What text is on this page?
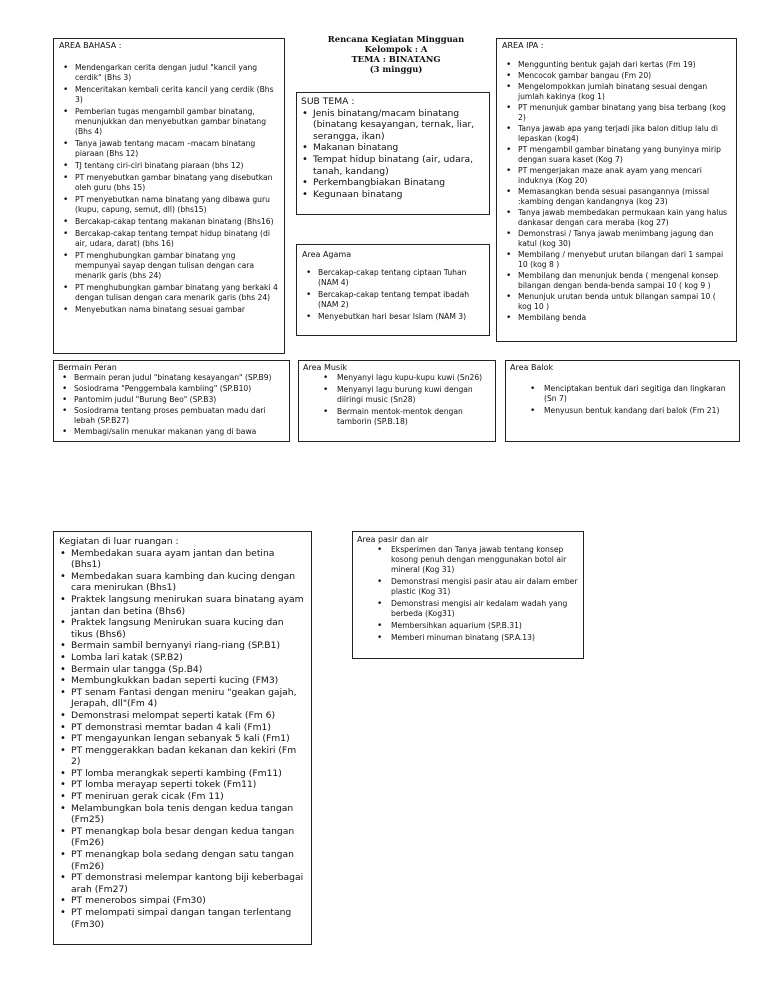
Rencana Kegiatan Mingguan
Kelompok : A
TEMA : BINATANG
(3 minggu)
AREA BAHASA :
• Mendengarkan cerita dengan judul "kancil yang cerdik" (Bhs 3)
• Menceritakan kembali cerita kancil yang cerdik (Bhs 3)
• Pemberian tugas mengambil gambar binatang, menunjukkan dan menyebutkan gambar binatang (Bhs 4)
• Tanya jawab tentang macam –macam binatang piaraan (Bhs 12)
• TJ tentang ciri-ciri binatang piaraan (bhs 12)
• PT menyebutkan gambar binatang yang disebutkan oleh guru (bhs 15)
• PT menyebutkan nama binatang yang dibawa guru (kupu, capung, semut, dll) (bhs15)
• Bercakap-cakap tentang makanan binatang (Bhs16)
• Bercakap-cakap tentang tempat hidup binatang (di air, udara, darat) (bhs 16)
• PT menghubungkan gambar binatang yng mempunyai sayap dengan tulisan dengan cara menarik garis (bhs 24)
• PT menghubungkan gambar binatang yang berkaki 4 dengan tulisan dengan cara menarik garis (bhs 24)
• Menyebutkan nama binatang sesuai gambar
SUB TEMA :
• Jenis binatang/macam binatang (binatang kesayangan, ternak, liar, serangga, ikan)
• Makanan binatang
• Tempat hidup binatang (air, udara, tanah, kandang)
• Perkembangbiakan Binatang
• Kegunaan binatang
Area Agama
• Bercakap-cakap tentang ciptaan Tuhan (NAM 4)
• Bercakap-cakap tentang tempat ibadah (NAM 2)
• Menyebutkan hari besar Islam (NAM 3)
AREA IPA :
• Menggunting bentuk gajah dari kertas (Fm 19)
• Mencocok gambar bangau (Fm 20)
• Mengelompokkan jumlah binatang sesuai dengan jumlah kakinya (kog 1)
• PT menunjuk gambar binatang yang bisa terbang (kog 2)
• Tanya jawab apa yang terjadi jika balon ditiup lalu di lepaskan (kog4)
• PT mengambil gambar binatang yang bunyinya mirip dengan suara kaset (Kog 7)
• PT mengerjakan maze anak ayam yang mencari induknya (Kog 20)
• Memasangkan benda sesuai pasangannya (missal :kambing dengan kandangnya (kog 23)
• Tanya jawab membedakan permukaan kain yang halus dankasar dengan cara meraba (kog 27)
• Demonstrasi / Tanya jawab menimbang jagung dan katul (kog 30)
• Membilang / menyebut urutan bilangan dari 1 sampai 10 (kog 8 )
• Membilang dan menunjuk benda ( mengenal konsep bilangan dengan benda-benda sampai 10 ( kog 9 )
• Menunjuk urutan benda untuk bilangan sampai 10 ( kog 10 )
• Membilang benda
Bermain Peran
• Bermain peran judul "binatang kesayangan" (SP.B9)
• Sosiodrama "Penggembala kambiing" (SP.B10)
• Pantomim judul "Burung Beo" (SP.B3)
• Sosiodrama tentang proses pembuatan madu dari lebah (SP.B27)
• Membagi/salin menukar makanan yang di bawa
Area Musik
• Menyanyi lagu kupu-kupu kuwi (Sn26)
• Menyanyi lagu burung kuwi dengan diiringi music (Sn28)
• Bermain mentok-mentok dengan tamborin (SP.B.18)
Area Balok
• Menciptakan bentuk dari segitiga dan lingkaran (Sn 7)
• Menyusun bentuk kandang dari balok (Fm 21)
Kegiatan di luar ruangan :
• Membedakan suara ayam jantan dan betina (Bhs1)
• Membedakan suara kambing dan kucing dengan cara menirukan (Bhs1)
• Praktek langsung menirukan suara binatang ayam jantan dan betina (Bhs6)
• Praktek langsung Menirukan suara kucing dan tikus (Bhs6)
• Bermain sambil bernyanyi riang-riang (SP.B1)
• Lomba lari katak (SP.B2)
• Bermain ular tangga (Sp.B4)
• Membungkukkan badan seperti kucing (FM3)
• PT senam Fantasi dengan meniru "geakan gajah, Jerapah, dll"(Fm 4)
• Demonstrasi melompat seperti katak (Fm 6)
• PT demonstrasi memtar badan 4 kali (Fm1)
• PT mengayunkan lengan sebanyak 5 kali (Fm1)
• PT menggerakkan badan kekanan dan kekiri (Fm 2)
• PT lomba merangkak seperti kambing (Fm11)
• PT lomba merayap seperti tokek (Fm11)
• PT meniruan gerak cicak (Fm 11)
• Melambungkan bola tenis dengan kedua tangan (Fm25)
• PT menangkap bola besar dengan kedua tangan (Fm26)
• PT menangkap bola sedang dengan satu tangan (Fm26)
• PT demonstrasi melempar kantong biji keberbagai arah (Fm27)
• PT menerobos simpai (Fm30)
• PT melompati simpai dangan tangan terlentang (Fm30)
Area pasir dan air
• Eksperimen dan Tanya jawab tentang konsep kosong penuh dengan menggunakan botol air mineral (Kog 31)
• Demonstrasi mengisi pasir atau air dalam ember plastic (Kog 31)
• Demonstrasi mengisi air kedalam wadah yang berbeda (Kog31)
• Membersihkan aquarium (SP.B.31)
• Memberi minuman binatang (SP.A.13)
